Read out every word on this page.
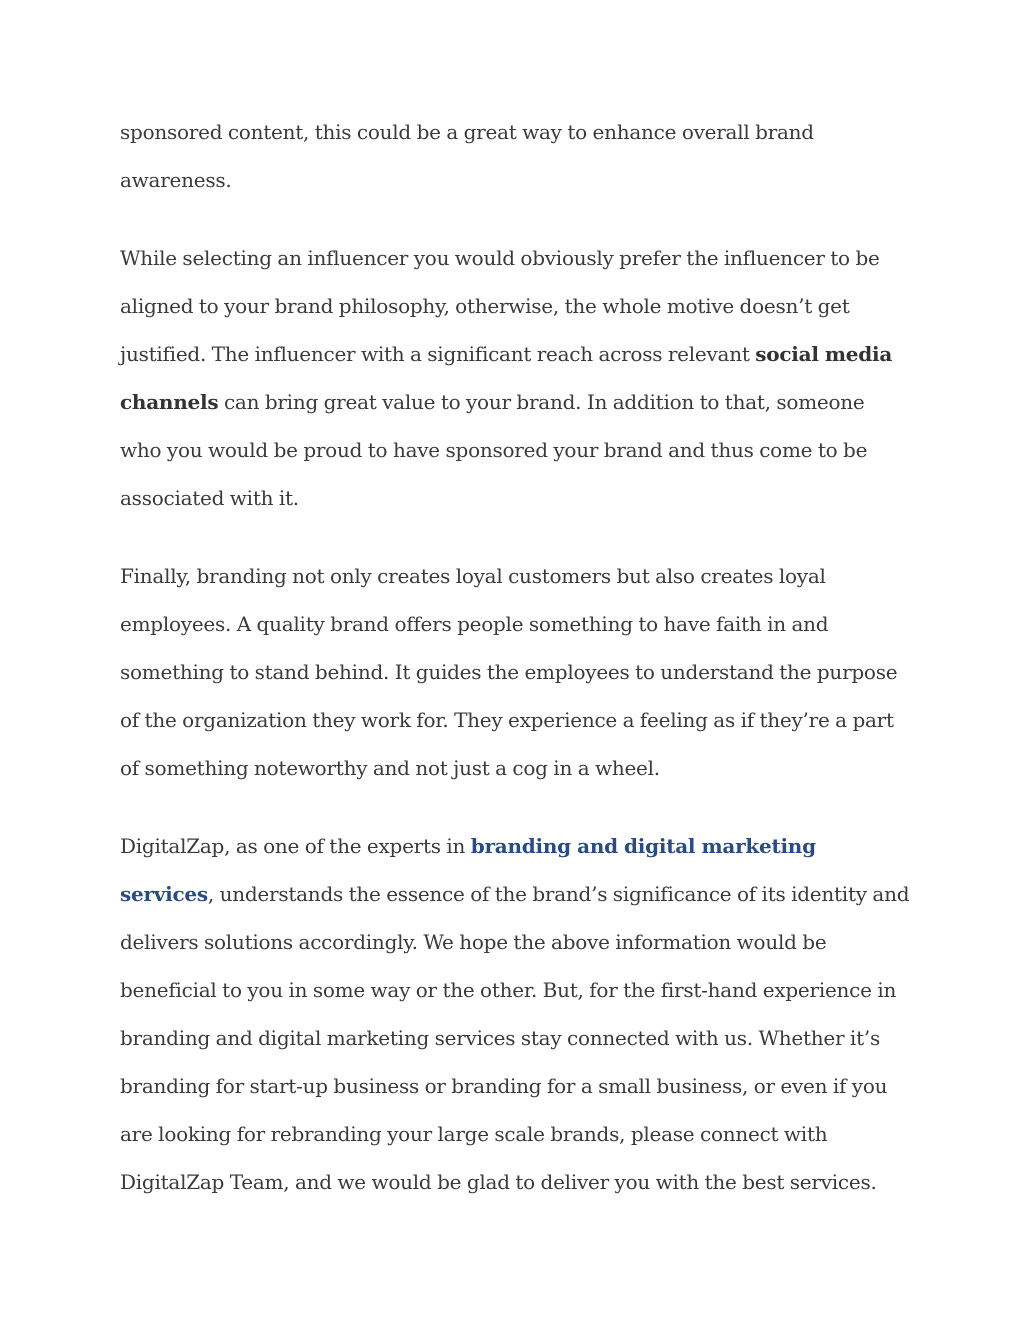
sponsored content, this could be a great way to enhance overall brand awareness.

While selecting an influencer you would obviously prefer the influencer to be aligned to your brand philosophy, otherwise, the whole motive doesn’t get justified. The influencer with a significant reach across relevant social media channels can bring great value to your brand. In addition to that, someone who you would be proud to have sponsored your brand and thus come to be associated with it.

Finally, branding not only creates loyal customers but also creates loyal employees. A quality brand offers people something to have faith in and something to stand behind. It guides the employees to understand the purpose of the organization they work for. They experience a feeling as if they’re a part of something noteworthy and not just a cog in a wheel.

DigitalZap, as one of the experts in branding and digital marketing services, understands the essence of the brand’s significance of its identity and delivers solutions accordingly. We hope the above information would be beneficial to you in some way or the other. But, for the first-hand experience in branding and digital marketing services stay connected with us. Whether it’s branding for start-up business or branding for a small business, or even if you are looking for rebranding your large scale brands, please connect with DigitalZap Team, and we would be glad to deliver you with the best services.
